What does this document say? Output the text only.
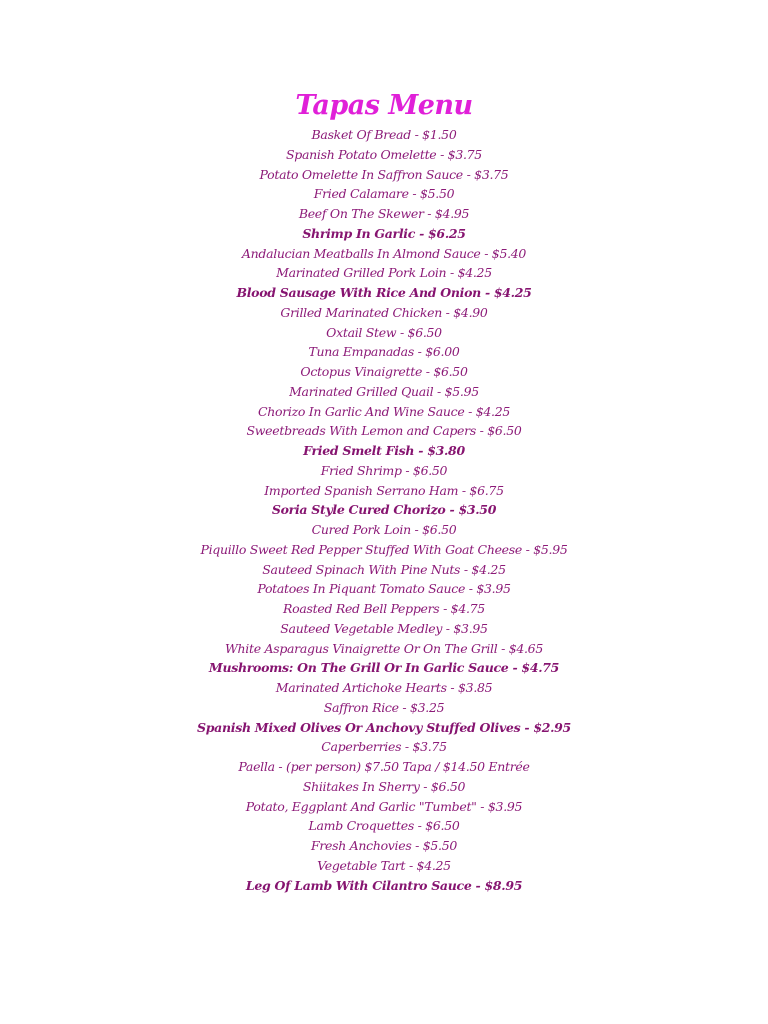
Tapas Menu
Basket Of Bread - $1.50
Spanish Potato Omelette - $3.75
Potato Omelette In Saffron Sauce - $3.75
Fried Calamare - $5.50
Beef On The Skewer - $4.95
Shrimp In Garlic - $6.25
Andalucian Meatballs In Almond Sauce - $5.40
Marinated Grilled Pork Loin - $4.25
Blood Sausage With Rice And Onion - $4.25
Grilled Marinated Chicken - $4.90
Oxtail Stew - $6.50
Tuna Empanadas - $6.00
Octopus Vinaigrette - $6.50
Marinated Grilled Quail - $5.95
Chorizo In Garlic And Wine Sauce - $4.25
Sweetbreads With Lemon and Capers - $6.50
Fried Smelt Fish - $3.80
Fried Shrimp - $6.50
Imported Spanish Serrano Ham - $6.75
Soria Style Cured Chorizo - $3.50
Cured Pork Loin - $6.50
Piquillo Sweet Red Pepper Stuffed With Goat Cheese - $5.95
Sauteed Spinach With Pine Nuts - $4.25
Potatoes In Piquant Tomato Sauce - $3.95
Roasted Red Bell Peppers - $4.75
Sauteed Vegetable Medley - $3.95
White Asparagus Vinaigrette Or On The Grill - $4.65
Mushrooms: On The Grill Or In Garlic Sauce - $4.75
Marinated Artichoke Hearts - $3.85
Saffron Rice - $3.25
Spanish Mixed Olives Or Anchovy Stuffed Olives - $2.95
Caperberries - $3.75
Paella - (per person) $7.50 Tapa / $14.50 Entrée
Shiitakes In Sherry - $6.50
Potato, Eggplant And Garlic "Tumbet" - $3.95
Lamb Croquettes - $6.50
Fresh Anchovies - $5.50
Vegetable Tart - $4.25
Leg Of Lamb With Cilantro Sauce - $8.95
